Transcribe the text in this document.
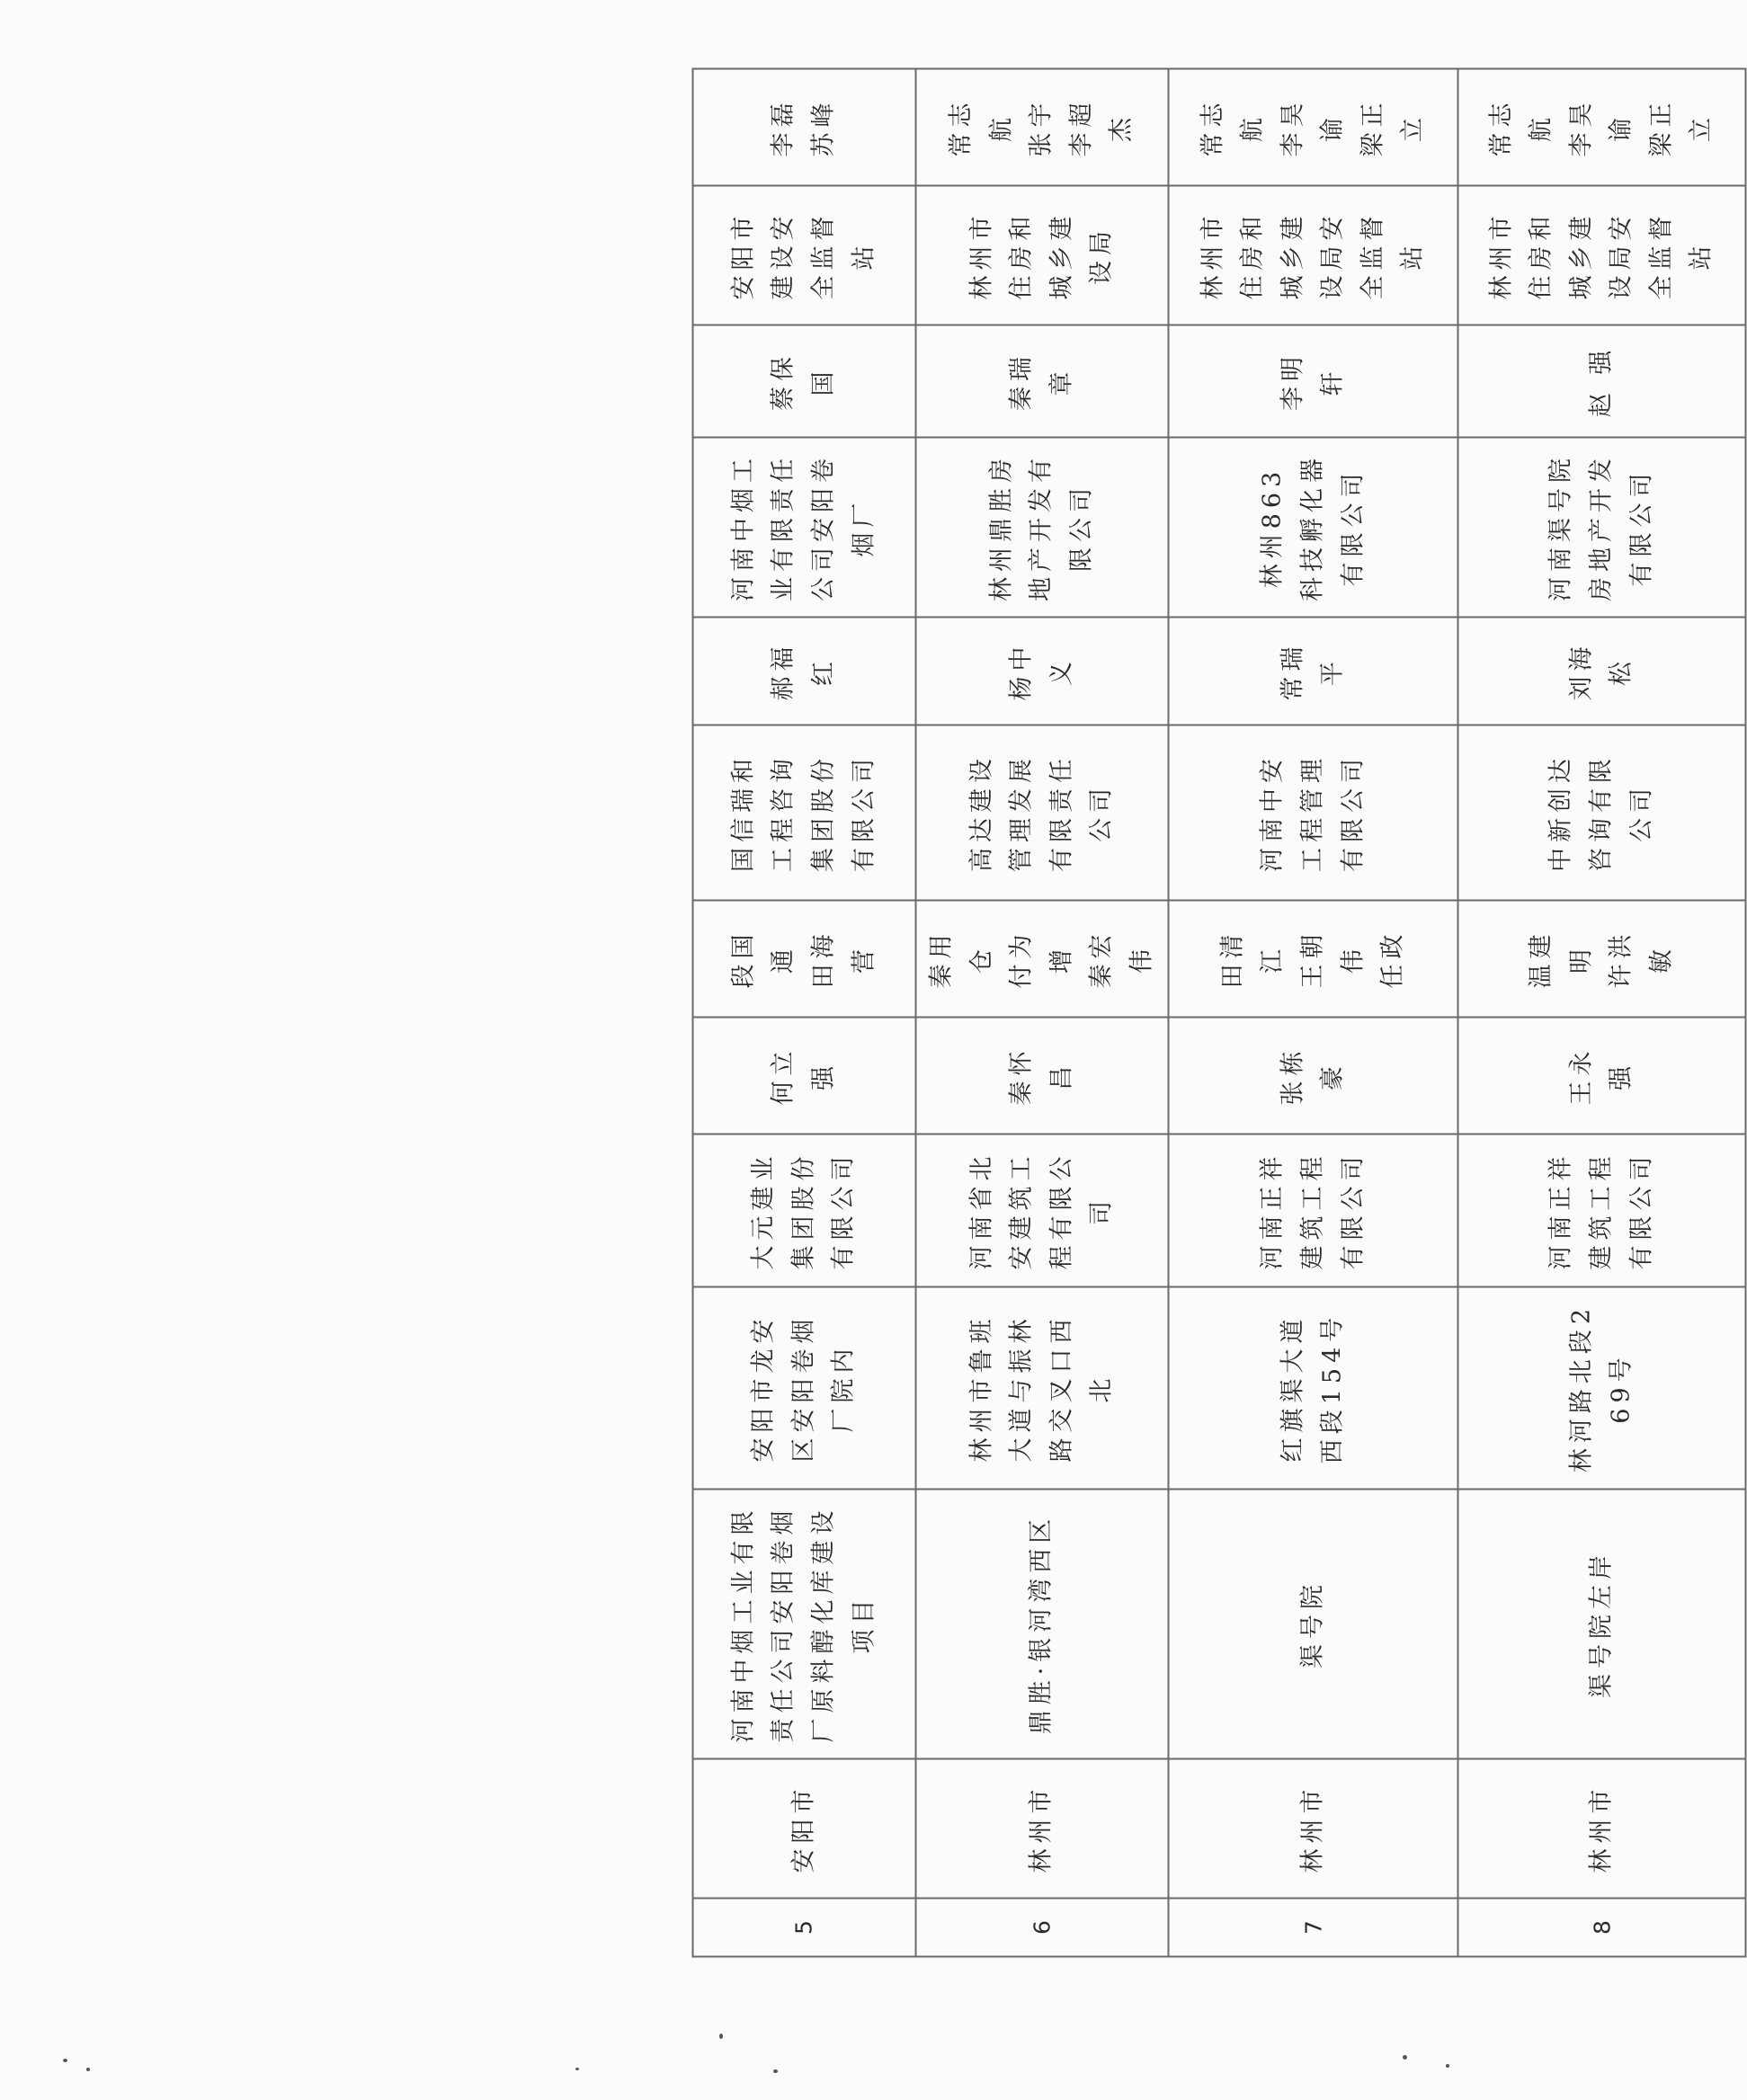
5	安阳市	河南中烟工业有限责任公司安阳卷烟厂原料醇化库建设项目	安阳市龙安区安阳卷烟厂院内	大元建业集团股份有限公司	何立强	段国通 田海营	国信瑞和工程咨询集团股份有限公司	郝福红	河南中烟工业有限责任公司安阳卷烟厂	蔡保国	安阳市建设安全监督站	李磊 苏峰

6	林州市	鼎胜·银河湾西区	林州市鲁班大道与振林路交叉口西北	河南省北安建筑工程有限公司	秦怀昌	秦用仓 付为增 秦宏伟	高达建设管理发展有限责任公司	杨中义	林州鼎胜房地产开发有限公司	秦瑞章	林州市住房和城乡建设局	常志航 张宇 李超杰

7	林州市	渠号院	红旗渠大道西段154号	河南正祥建筑工程有限公司	张栋豪	田清江 王朝伟 任政	河南中安工程管理有限公司	常瑞平	林州863科技孵化器有限公司	李明轩	林州市住房和城乡建设局安全监督站	常志航 李昊谕 梁正立

8	林州市	渠号院左岸	林河路北段269号	河南正祥建筑工程有限公司	王永强	温建明 许洪敏	中新创达咨询有限公司	刘海松	河南渠号院房地产开发有限公司	赵 强	林州市住房和城乡建设局安全监督站	常志航 李昊谕 梁正立
